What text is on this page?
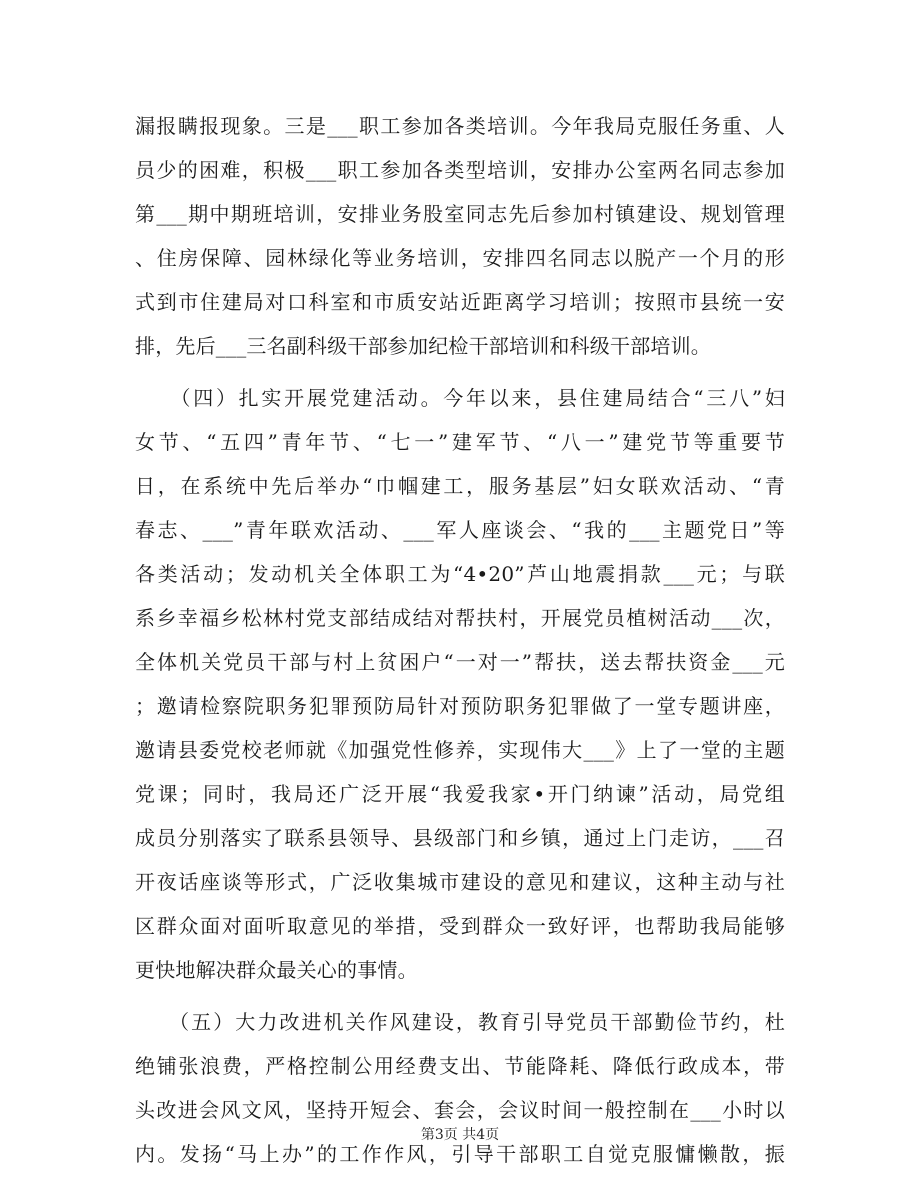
漏报瞒报现象。三是___职工参加各类培训。今年我局克服任务重、人
员少的困难，积极___职工参加各类型培训，安排办公室两名同志参加
第___期中期班培训，安排业务股室同志先后参加村镇建设、规划管理
、住房保障、园林绿化等业务培训，安排四名同志以脱产一个月的形
式到市住建局对口科室和市质安站近距离学习培训；按照市县统一安
排，先后___三名副科级干部参加纪检干部培训和科级干部培训。
　　（四）扎实开展党建活动。今年以来，县住建局结合“三八”妇
女节、“五四”青年节、“七一”建军节、“八一”建党节等重要节
日，在系统中先后举办“巾帼建工，服务基层”妇女联欢活动、“青
春志、___”青年联欢活动、___军人座谈会、“我的___主题党日”等
各类活动；发动机关全体职工为“4•20”芦山地震捐款___元；与联
系乡幸福乡松林村党支部结成结对帮扶村，开展党员植树活动___次，
全体机关党员干部与村上贫困户“一对一”帮扶，送去帮扶资金___元
；邀请检察院职务犯罪预防局针对预防职务犯罪做了一堂专题讲座，
邀请县委党校老师就《加强党性修养，实现伟大___》上了一堂的主题
党课；同时，我局还广泛开展“我爱我家•开门纳谏”活动，局党组
成员分别落实了联系县领导、县级部门和乡镇，通过上门走访，___召
开夜话座谈等形式，广泛收集城市建设的意见和建议，这种主动与社
区群众面对面听取意见的举措，受到群众一致好评，也帮助我局能够
更快地解决群众最关心的事情。
　　（五）大力改进机关作风建设，教育引导党员干部勤俭节约，杜
绝铺张浪费，严格控制公用经费支出、节能降耗、降低行政成本，带
头改进会风文风，坚持开短会、套会，会议时间一般控制在___小时以
内。发扬“马上办”的工作作风，引导干部职工自觉克服慵懒散，振
第3页 共4页
